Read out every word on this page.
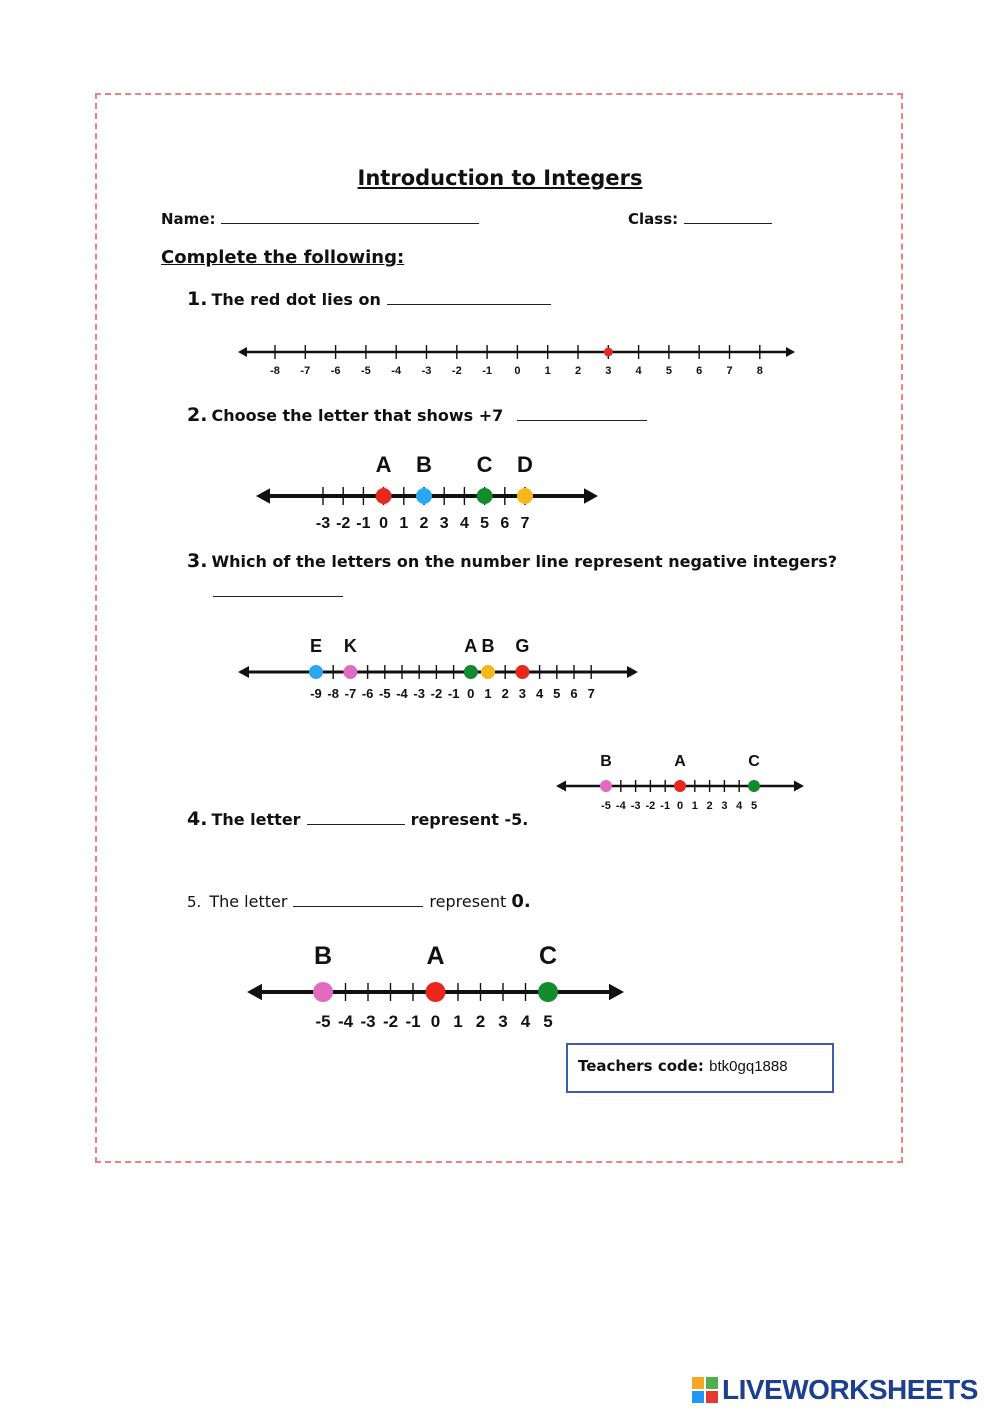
Introduction to Integers
Name:	Class:
Complete the following:
1. The red dot lies on
-8 -7 -6 -5 -4 -3 -2 -1 0 1 2 3 4 5 6 7 8
2. Choose the letter that shows +7
-3 -2 -1 0 1 2 3 4 5 6 7
A B C D
3. Which of the letters on the number line represent negative integers?
-9 -8 -7 -6 -5 -4 -3 -2 -1 0 1 2 3 4 5 6 7
E K	A B G
-5 -4 -3 -2 -1 0 1 2 3 4 5
B	A	C
4. The letter	represent -5.
5. The letter	represent 0.
-5 -4 -3 -2 -1 0 1 2 3 4 5
B	A	C
Teachers code: btk0gq1888
LIVEWORKSHEETS
